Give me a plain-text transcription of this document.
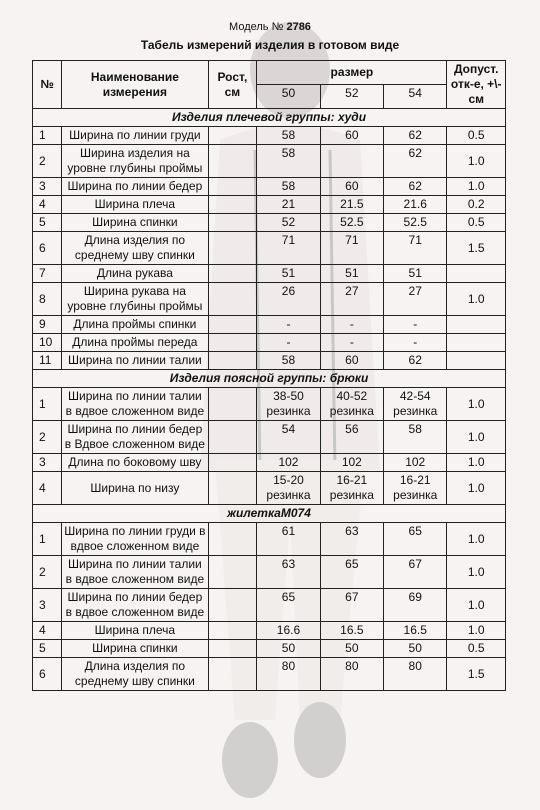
Модель № 2786
Табель измерений изделия в готовом виде
№	Наименование измерения	Рост, см	размер			Допуст. отк-е, +\-см
			50	52	54	
Изделия плечевой группы: худи						
1	Ширина по линии груди		58	60	62	0.5
2	Ширина изделия на уровне глубины проймы		58		62	1.0
3	Ширина по линии бедер		58	60	62	1.0
4	Ширина плеча		21	21.5	21.6	0.2
5	Ширина спинки		52	52.5	52.5	0.5
6	Длина изделия по среднему шву спинки		71	71	71	1.5
7	Длина рукава		51	51	51	
8	Ширина рукава на уровне глубины проймы		26	27	27	1.0
9	Длина проймы спинки		-	-	-	
10	Длина проймы переда		-	-	-	
11	Ширина по линии талии		58	60	62	
Изделия поясной группы: брюки						
1	Ширина по линии талии в вдвое сложенном виде		38-50 резинка	40-52 резинка	42-54 резинка	1.0
2	Ширина по линии бедер в Вдвое сложенном виде		54	56	58	1.0
3	Длина по боковому шву		102	102	102	1.0
4	Ширина по низу		15-20 резинка	16-21 резинка	16-21 резинка	1.0
жилеткаМ074						
1	Ширина по линии груди в вдвое сложенном виде		61	63	65	1.0
2	Ширина по линии талии в вдвое сложенном виде		63	65	67	1.0
3	Ширина по линии бедер в вдвое сложенном виде		65	67	69	1.0
4	Ширина плеча		16.6	16.5	16.5	1.0
5	Ширина спинки		50	50	50	0.5
6	Длина изделия по среднему шву спинки		80	80	80	1.5
